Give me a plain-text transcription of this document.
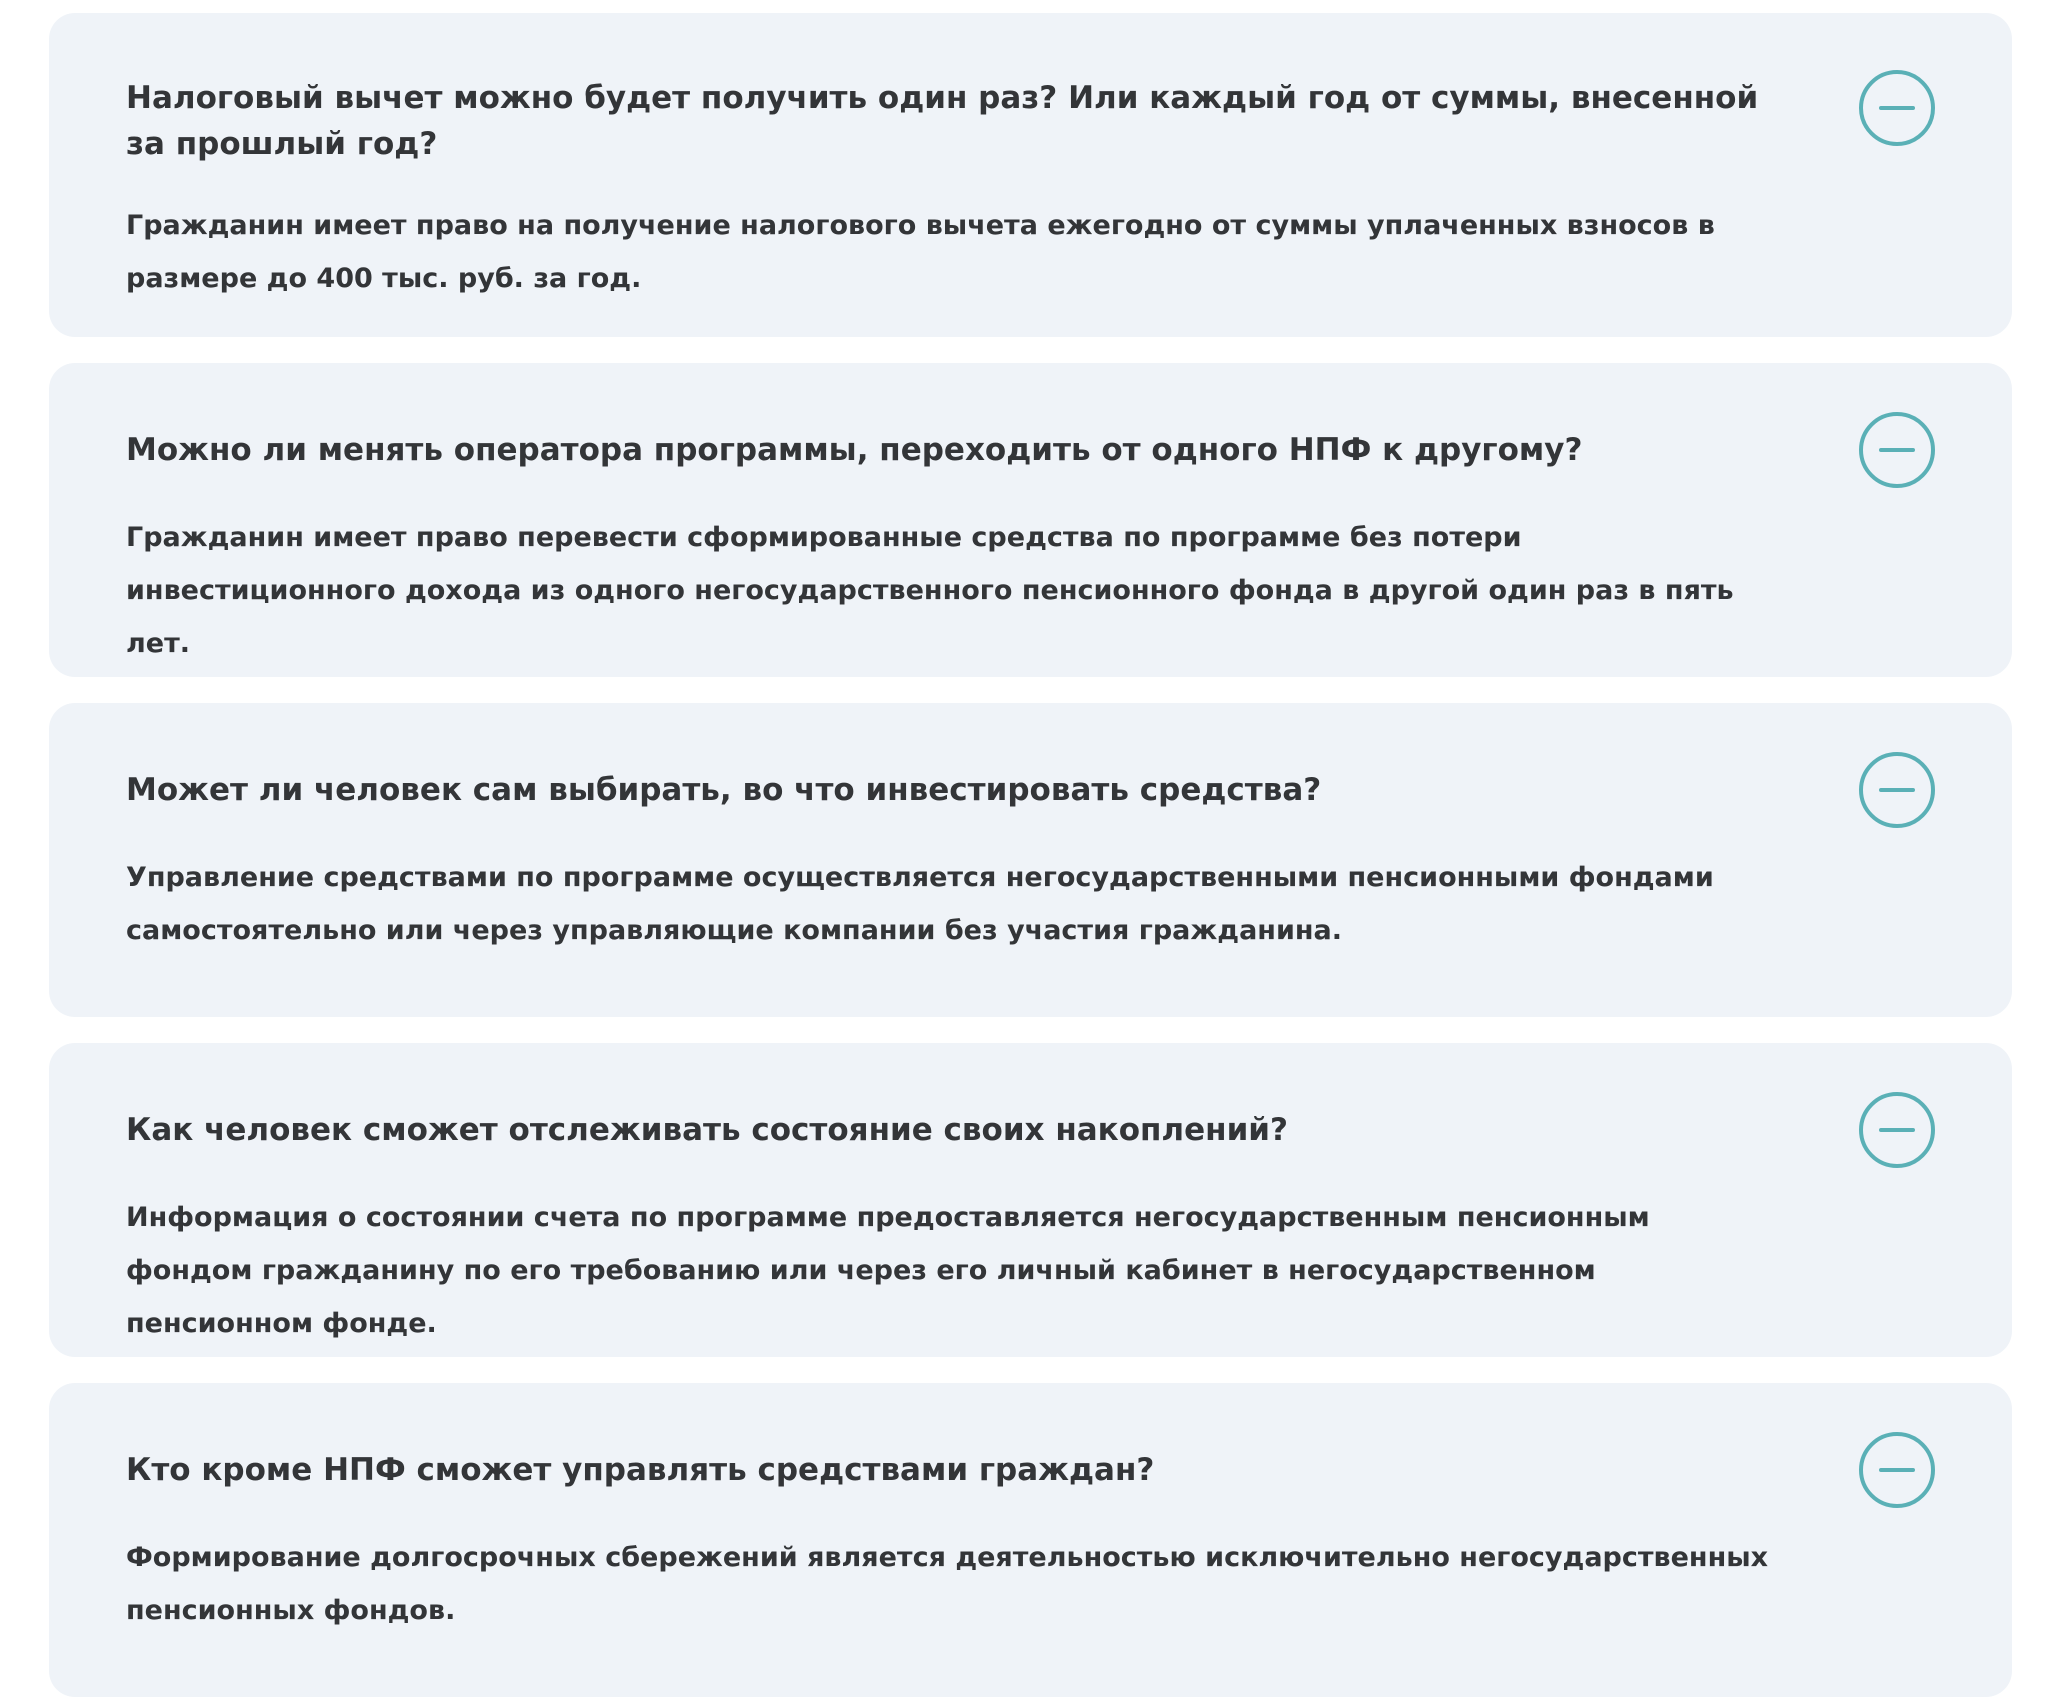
Налоговый вычет можно будет получить один раз? Или каждый год от суммы, внесенной за прошлый год?

Гражданин имеет право на получение налогового вычета ежегодно от суммы уплаченных взносов в размере до 400 тыс. руб. за год.

Можно ли менять оператора программы, переходить от одного НПФ к другому?

Гражданин имеет право перевести сформированные средства по программе без потери инвестиционного дохода из одного негосударственного пенсионного фонда в другой один раз в пять лет.

Может ли человек сам выбирать, во что инвестировать средства?

Управление средствами по программе осуществляется негосударственными пенсионными фондами самостоятельно или через управляющие компании без участия гражданина.

Как человек сможет отслеживать состояние своих накоплений?

Информация о состоянии счета по программе предоставляется негосударственным пенсионным фондом гражданину по его требованию или через его личный кабинет в негосударственном пенсионном фонде.

Кто кроме НПФ сможет управлять средствами граждан?

Формирование долгосрочных сбережений является деятельностью исключительно негосударственных пенсионных фондов.
